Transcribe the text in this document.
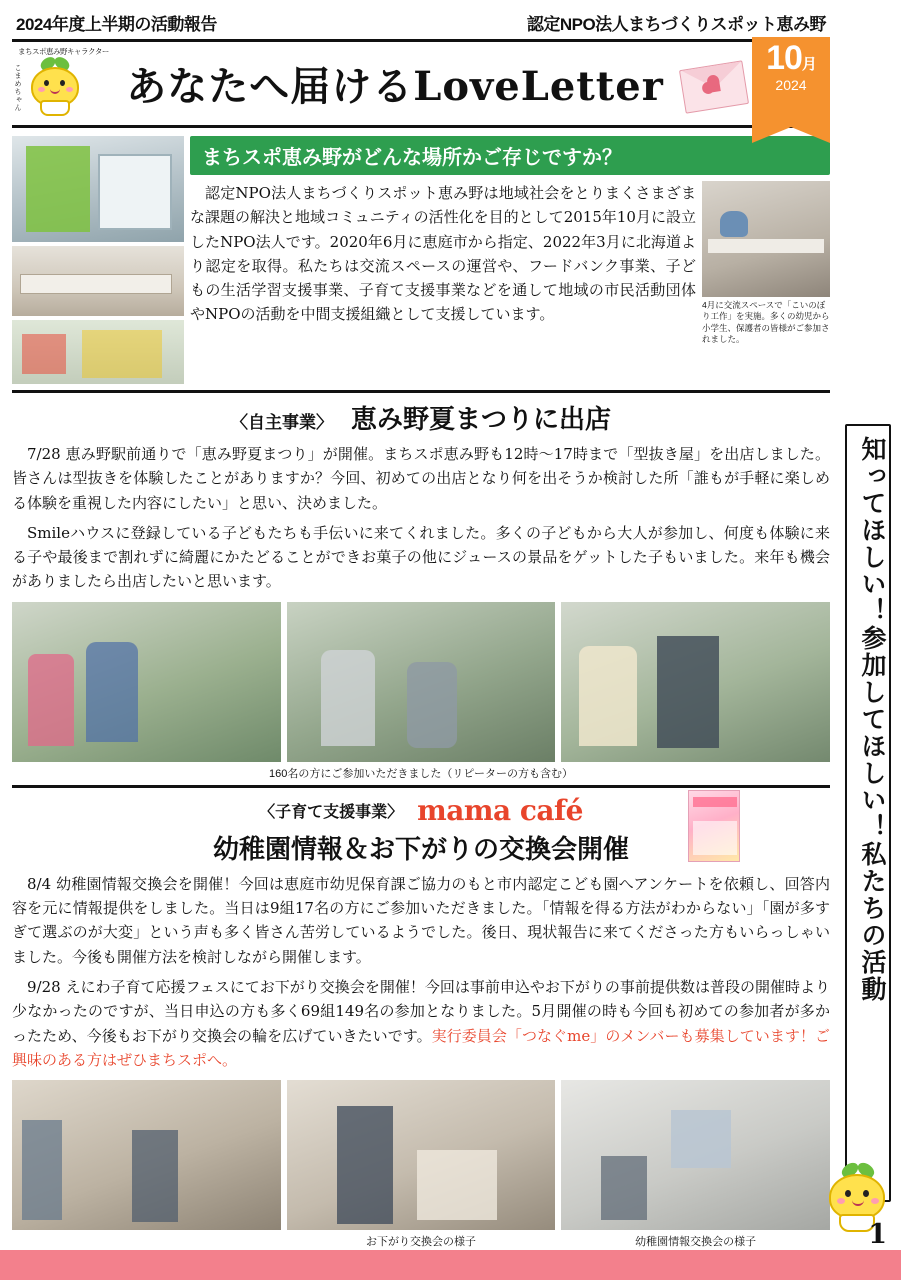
2024年度上半期の活動報告	認定NPO法人まちづくりスポット恵み野
まちスポ恵み野キャラクター
こまめちゃん	あなたへ届けるLoveLetter
10月
2024
まちスポ恵み野がどんな場所かご存じですか？
認定NPO法人まちづくりスポット恵み野は地域社会をとりまくさまざまな課題の解決と地域コミュニティの活性化を目的として2015年10月に設立したNPO法人です。2020年6月に恵庭市から指定、2022年3月に北海道より認定を取得。私たちは交流スペースの運営や、フードバンク事業、子どもの生活学習支援事業、子育て支援事業などを通して地域の市民活動団体やNPOの活動を中間支援組織として支援しています。
4月に交流スペースで「こいのぼり工作」を実施。多くの幼児から小学生、保護者の皆様がご参加されました。
〈自主事業〉 恵み野夏まつりに出店
7/28 恵み野駅前通りで「恵み野夏まつり」が開催。まちスポ恵み野も12時〜17時まで「型抜き屋」を出店しました。皆さんは型抜きを体験したことがありますか？今回、初めての出店となり何を出そうか検討した所「誰もが手軽に楽しめる体験を重視した内容にしたい」と思い、決めました。
Smileハウスに登録している子どもたちも手伝いに来てくれました。多くの子どもから大人が参加し、何度も体験に来る子や最後まで割れずに綺麗にかたどることができお菓子の他にジュースの景品をゲットした子もいました。来年も機会がありましたら出店したいと思います。
160名の方にご参加いただきました（リピーターの方も含む）
〈子育て支援事業〉 mama café
幼稚園情報＆お下がりの交換会開催
8/4 幼稚園情報交換会を開催！今回は恵庭市幼児保育課ご協力のもと市内認定こども園へアンケートを依頼し、回答内容を元に情報提供をしました。当日は9組17名の方にご参加いただきました。「情報を得る方法がわからない」「園が多すぎて選ぶのが大変」という声も多く皆さん苦労しているようでした。後日、現状報告に来てくださった方もいらっしゃいました。今後も開催方法を検討しながら開催します。
9/28 えにわ子育て応援フェスにてお下がり交換会を開催！今回は事前申込やお下がりの事前提供数は普段の開催時より少なかったのですが、当日申込の方も多く69組149名の参加となりました。5月開催の時も今回も初めての参加者が多かったため、今後もお下がり交換会の輪を広げていきたいです。実行委員会「つなぐme」のメンバーも募集しています！ご興味のある方はぜひまちスポへ。
お下がり交換会の様子	幼稚園情報交換会の様子
知ってほしい！参加してほしい！私たちの活動
1
